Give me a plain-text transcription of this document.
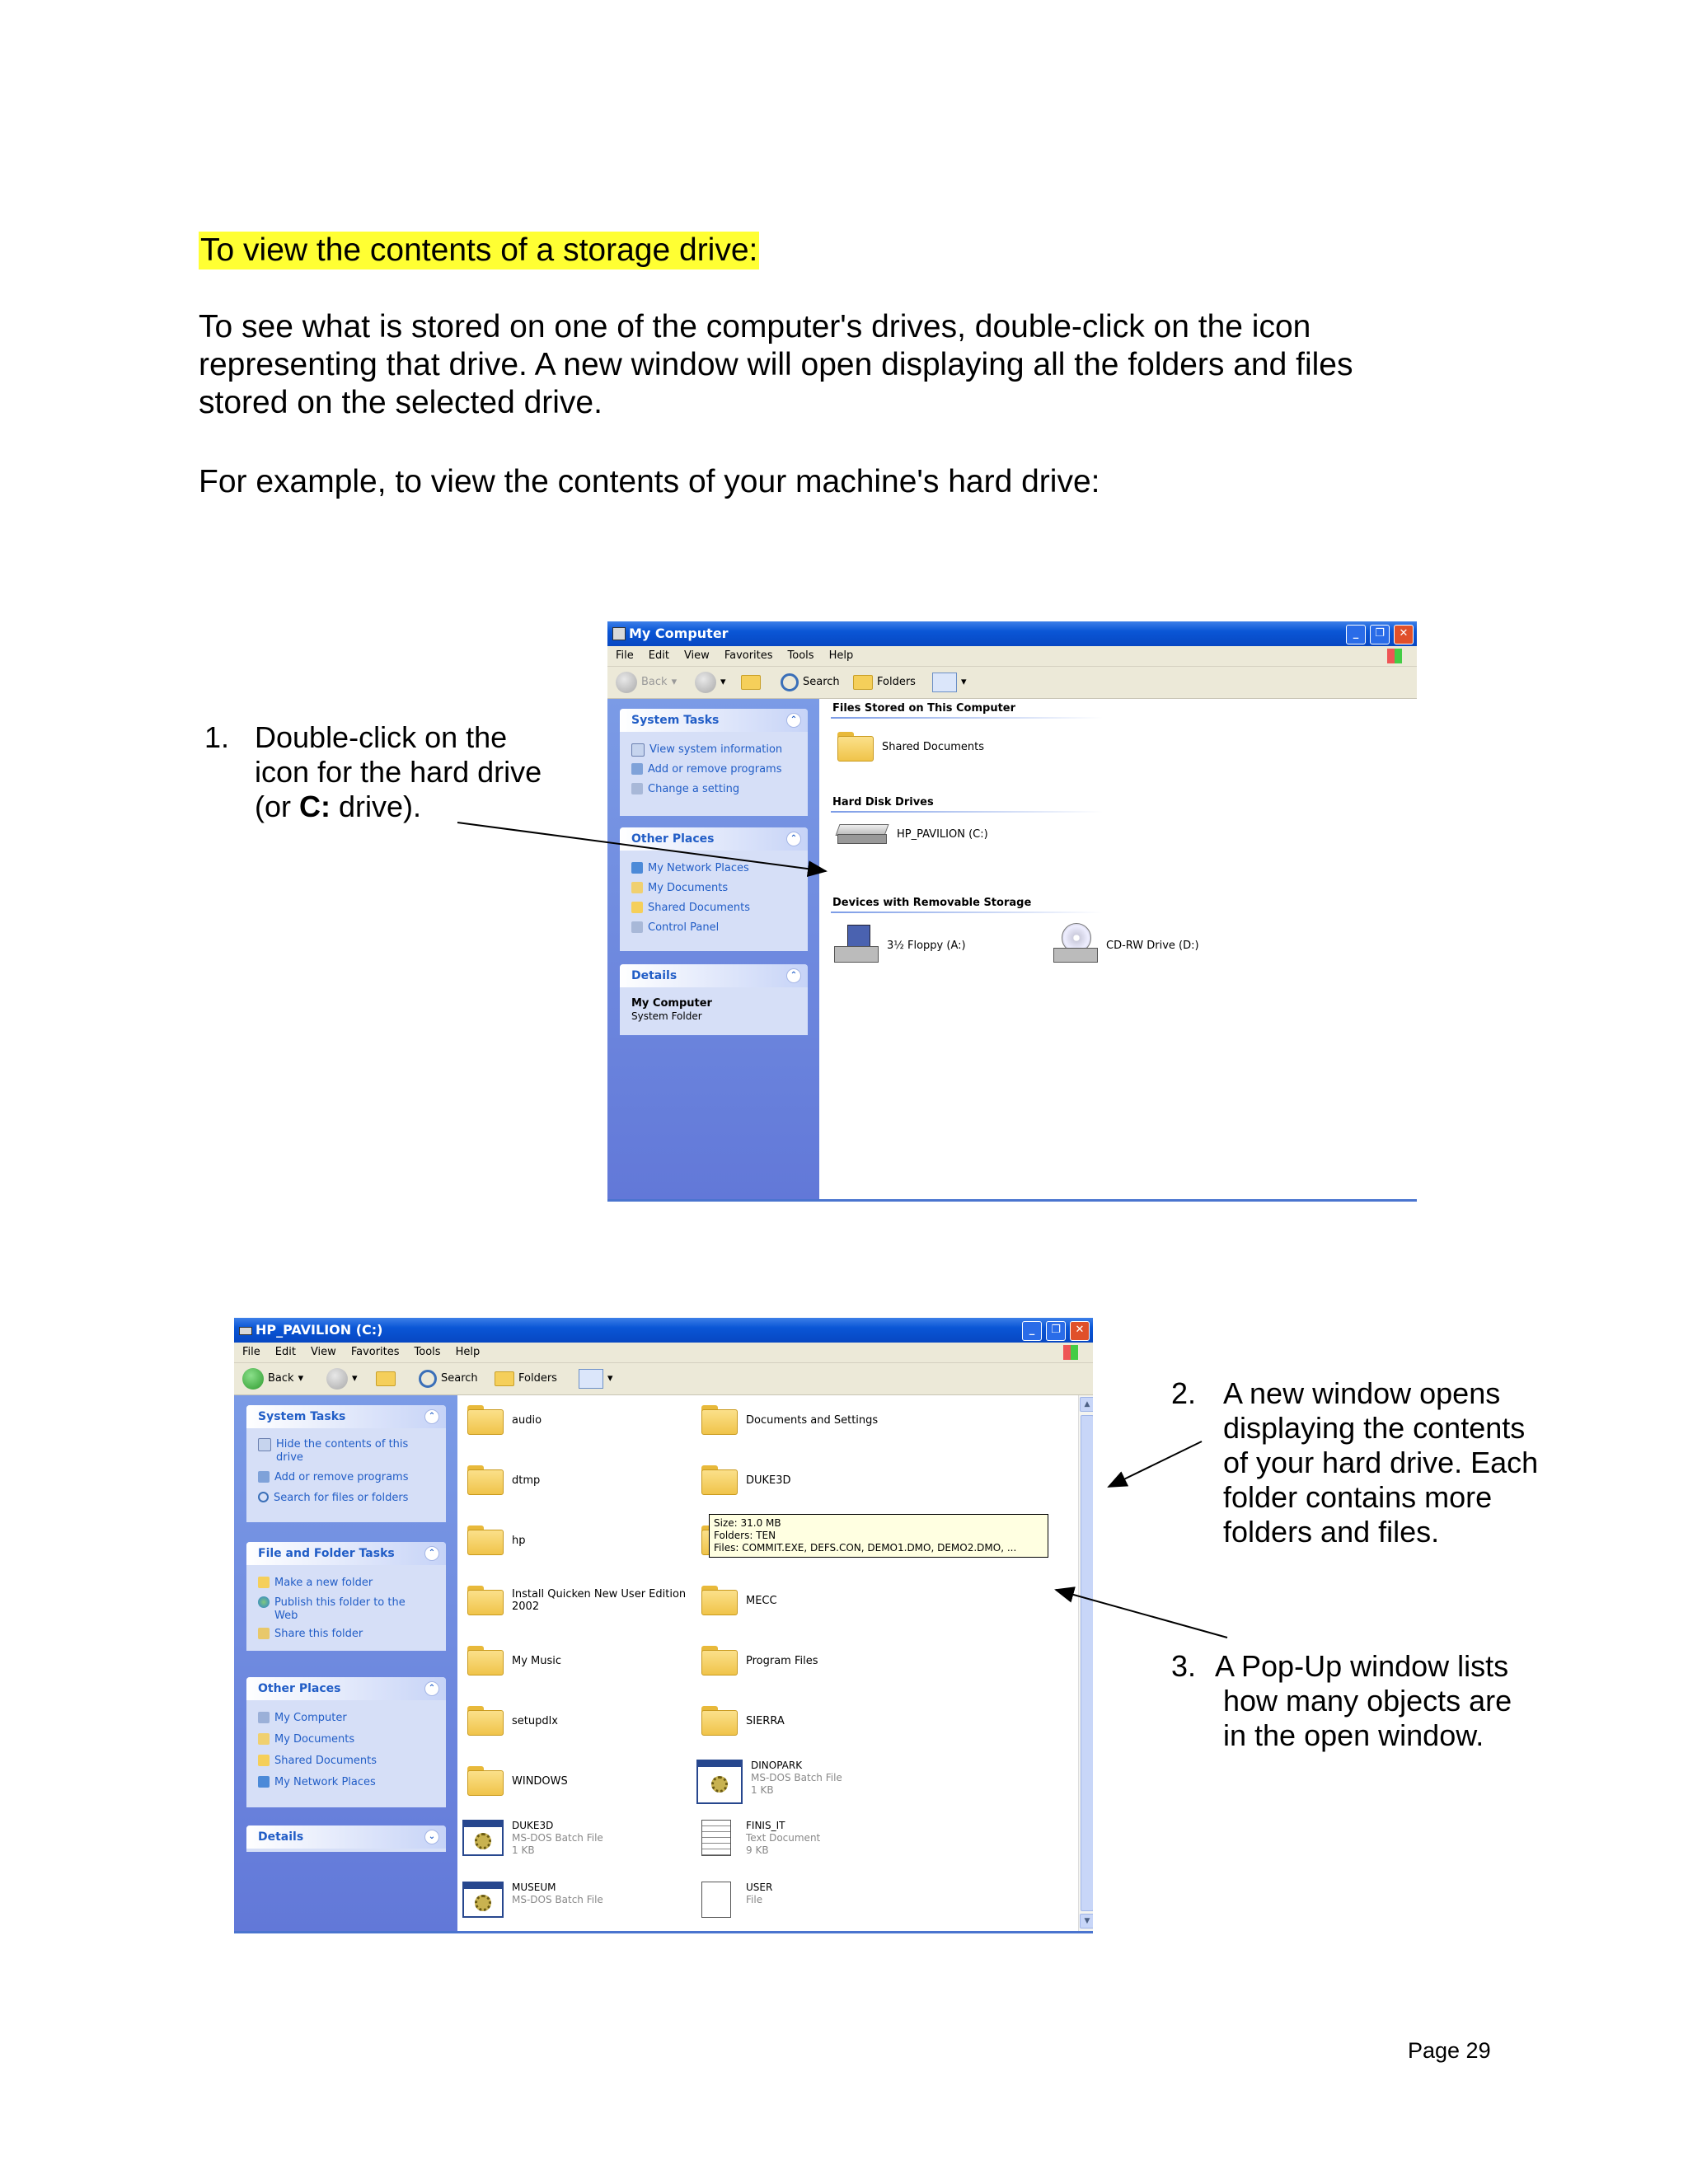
To view the contents of a storage drive:
To see what is stored on one of the computer's drives, double-click on the icon
representing that drive. A new window will open displaying all the folders and files
stored on the selected drive.
For example, to view the contents of your machine's hard drive:
1. Double-click on the
icon for the hard drive
(or C: drive).
2. A new window opens
displaying the contents
of your hard drive. Each
folder contains more
folders and files.
3. A Pop-Up window lists
how many objects are
in the open window.
My Computer	_	❐	✕
File Edit View Favorites Tools Help
Back ▾	▾	Search	Folders	▾
System Tasks	⌃
View system information
Add or remove programs
Change a setting
Other Places	⌃
My Network Places
My Documents
Shared Documents
Control Panel
Details	⌃
My Computer
System Folder
Files Stored on This Computer
Shared Documents
Hard Disk Drives
HP_PAVILION (C:)
Devices with Removable Storage
3½ Floppy (A:)	CD-RW Drive (D:)
HP_PAVILION (C:)	_	❐	✕
File Edit View Favorites Tools Help
Back ▾	▾	Search	Folders	▾
System Tasks	⌃
Hide the contents of this drive
Add or remove programs
Search for files or folders
File and Folder Tasks	⌃
Make a new folder
Publish this folder to the Web
Share this folder
Other Places	⌃
My Computer
My Documents
Shared Documents
My Network Places
Details	⌄
audio
dtmp
hp
Install Quicken New User Edition 2002
My Music
setupdlx
WINDOWS
DUKE3D
MS-DOS Batch File
1 KB
MUSEUM
MS-DOS Batch File
Documents and Settings
DUKE3D
MECC
Program Files
SIERRA
DINOPARK
MS-DOS Batch File
1 KB
FINIS_IT
Text Document
9 KB
USER
File
Size: 31.0 MB
Folders: TEN
Files: COMMIT.EXE, DEFS.CON, DEMO1.DMO, DEMO2.DMO, ...
▲
▼
Page 29
